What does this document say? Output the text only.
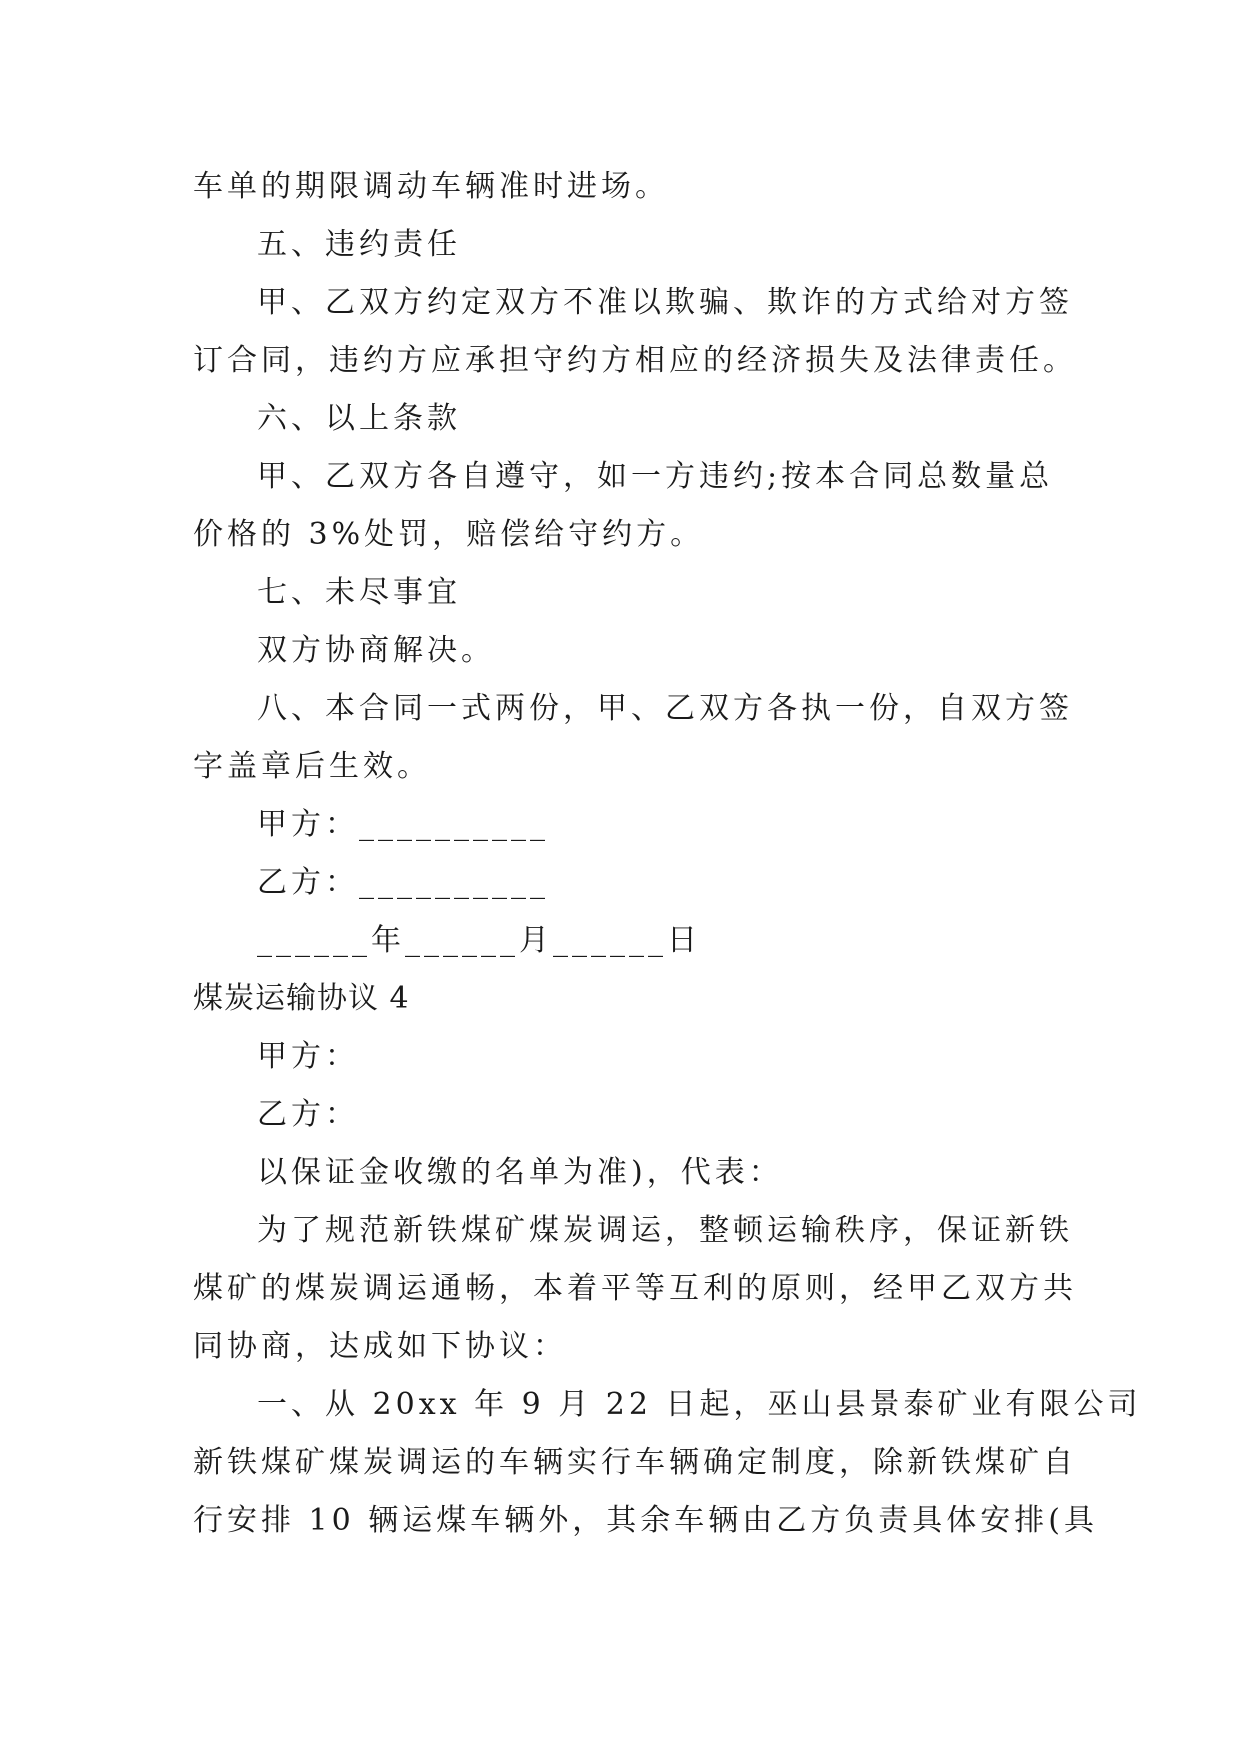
车单的期限调动车辆准时进场。
五、违约责任
甲、乙双方约定双方不准以欺骗、欺诈的方式给对方签
订合同，违约方应承担守约方相应的经济损失及法律责任。
六、以上条款
甲、乙双方各自遵守，如一方违约;按本合同总数量总
价格的 3%处罚，赔偿给守约方。
七、未尽事宜
双方协商解决。
八、本合同一式两份，甲、乙双方各执一份，自双方签
字盖章后生效。
甲方：__________
乙方：__________
______年______月______日
煤炭运输协议 4
甲方：
乙方：
以保证金收缴的名单为准)，代表：
为了规范新铁煤矿煤炭调运，整顿运输秩序，保证新铁
煤矿的煤炭调运通畅，本着平等互利的原则，经甲乙双方共
同协商，达成如下协议：
一、从 20xx 年 9 月 22 日起，巫山县景泰矿业有限公司
新铁煤矿煤炭调运的车辆实行车辆确定制度，除新铁煤矿自
行安排 10 辆运煤车辆外，其余车辆由乙方负责具体安排(具
